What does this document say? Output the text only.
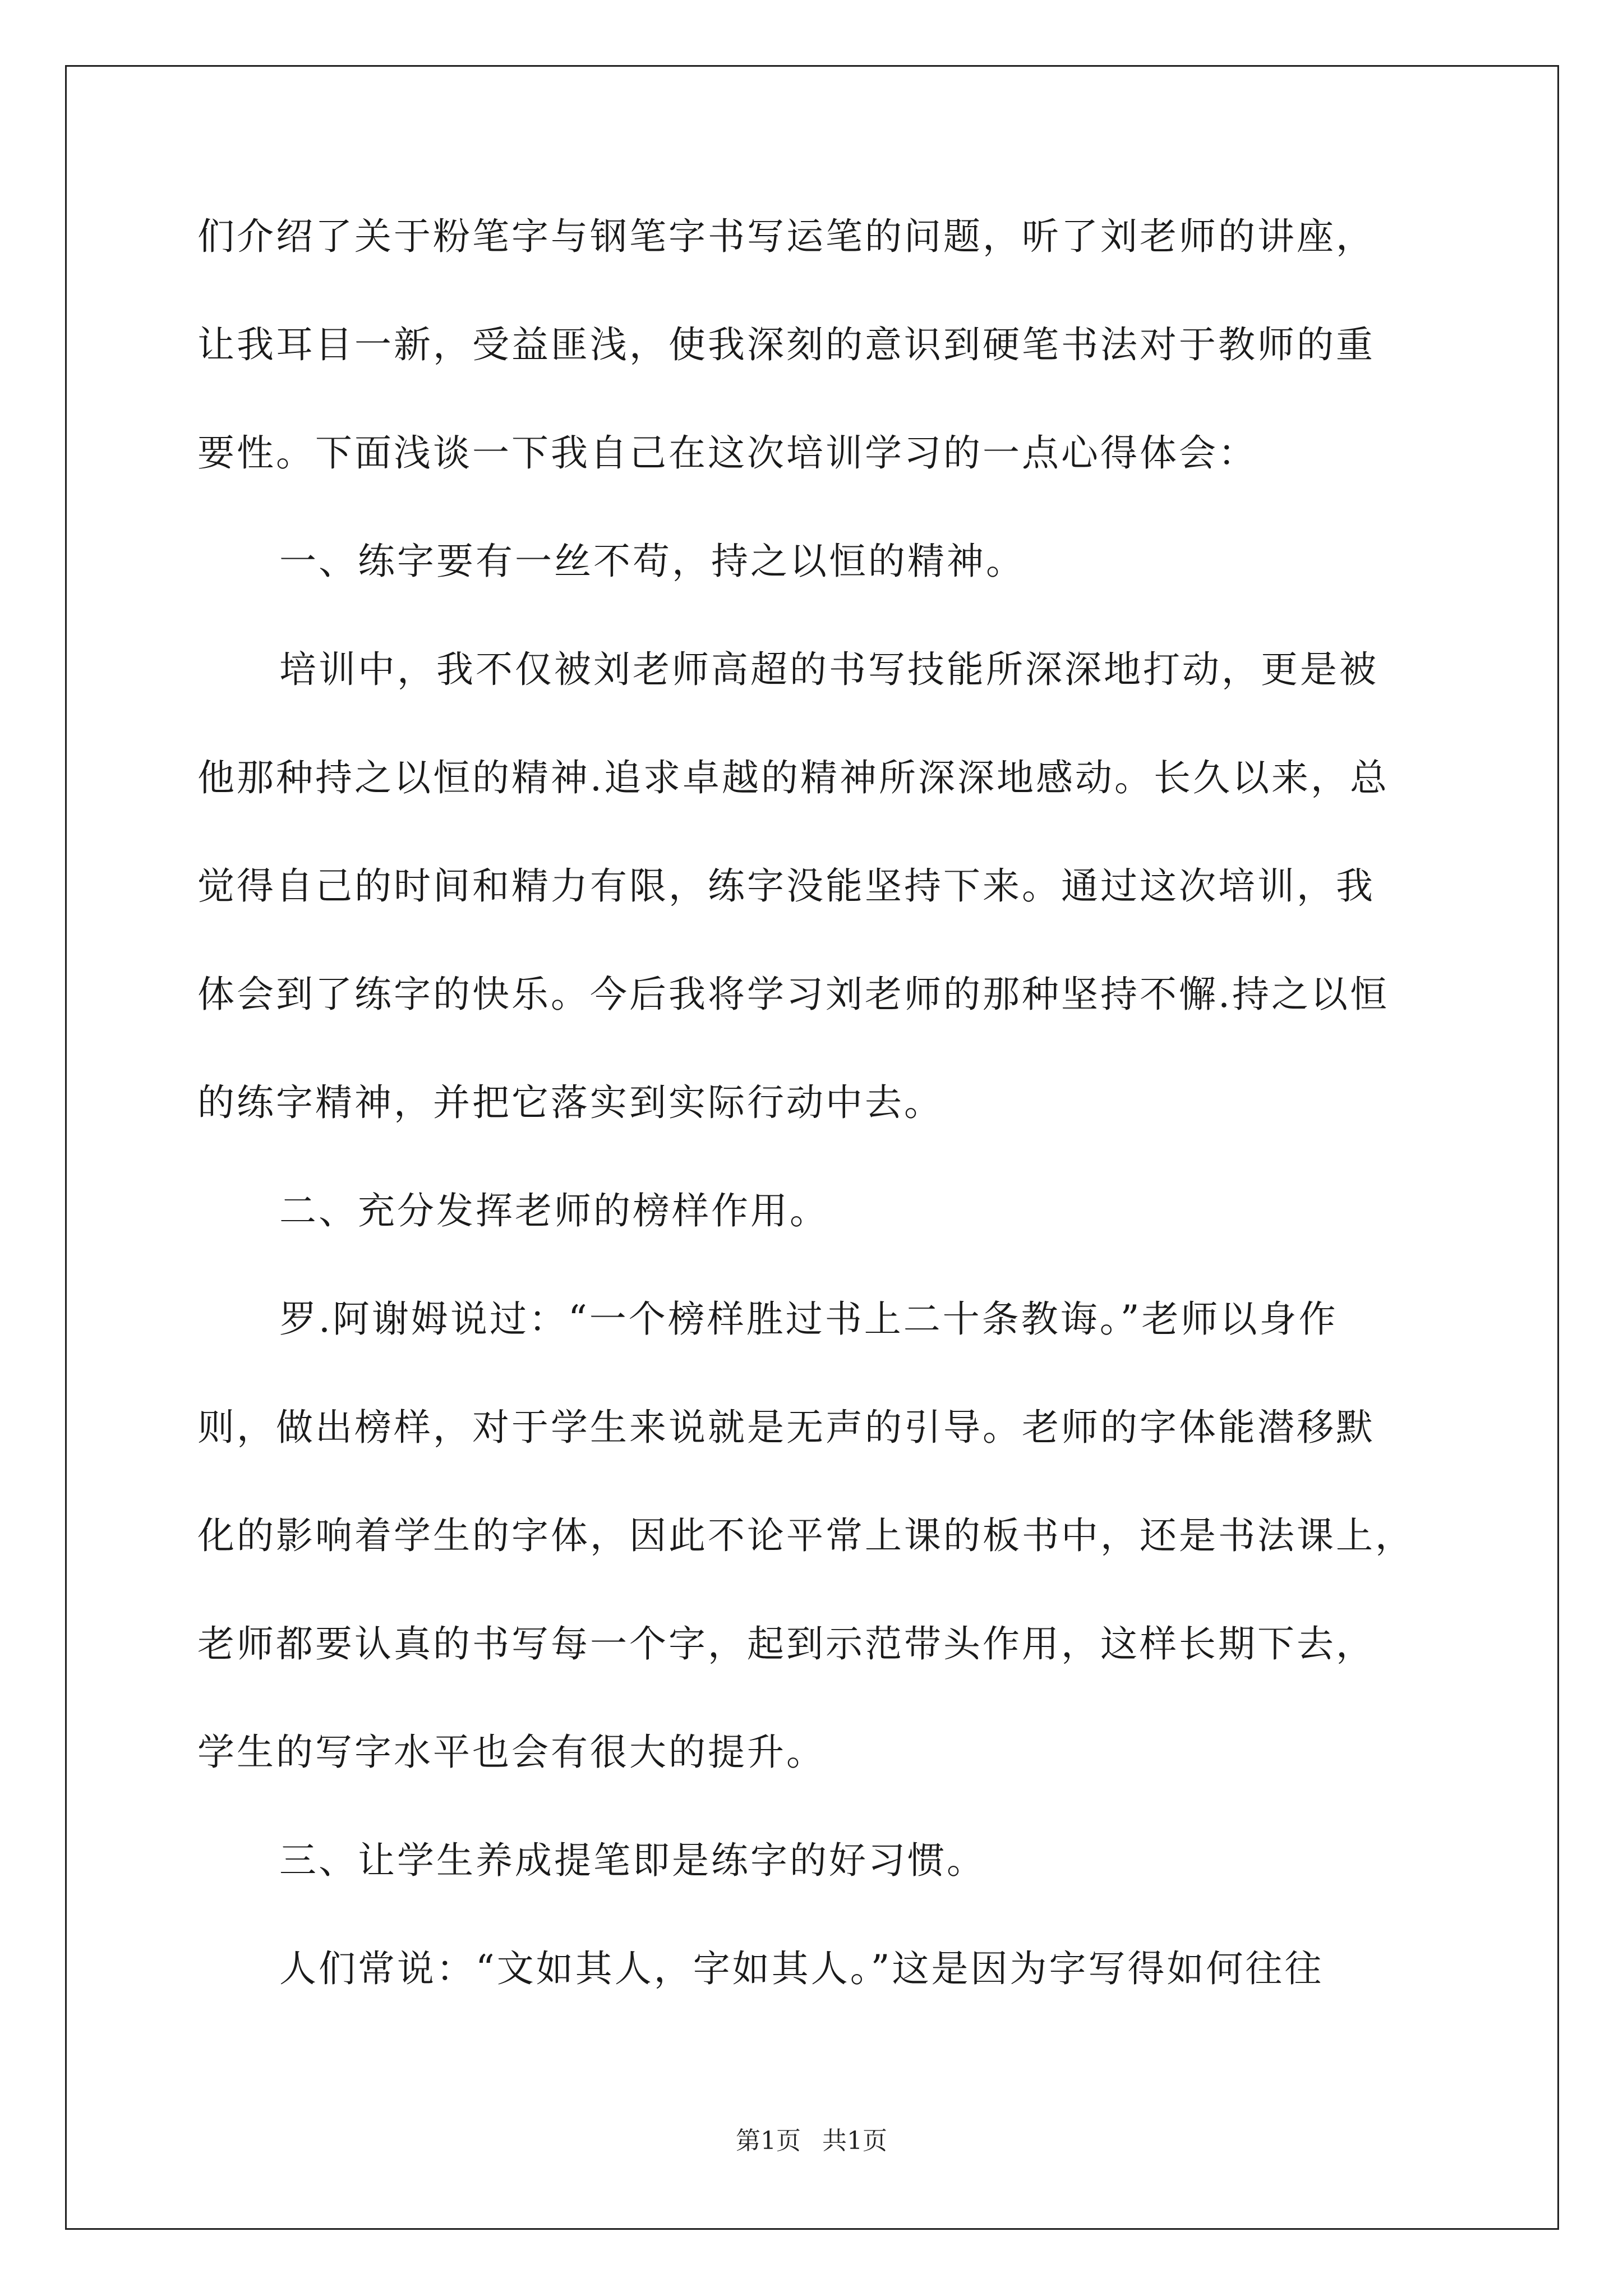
们介绍了关于粉笔字与钢笔字书写运笔的问题，听了刘老师的讲座，
让我耳目一新，受益匪浅，使我深刻的意识到硬笔书法对于教师的重
要性。下面浅谈一下我自己在这次培训学习的一点心得体会：
一、练字要有一丝不苟，持之以恒的精神。
培训中，我不仅被刘老师高超的书写技能所深深地打动，更是被
他那种持之以恒的精神.追求卓越的精神所深深地感动。长久以来，总
觉得自己的时间和精力有限，练字没能坚持下来。通过这次培训，我
体会到了练字的快乐。今后我将学习刘老师的那种坚持不懈.持之以恒
的练字精神，并把它落实到实际行动中去。
二、充分发挥老师的榜样作用。
罗.阿谢姆说过：“一个榜样胜过书上二十条教诲。”老师以身作
则，做出榜样，对于学生来说就是无声的引导。老师的字体能潜移默
化的影响着学生的字体，因此不论平常上课的板书中，还是书法课上，
老师都要认真的书写每一个字，起到示范带头作用，这样长期下去，
学生的写字水平也会有很大的提升。
三、让学生养成提笔即是练字的好习惯。
人们常说：“文如其人，字如其人。”这是因为字写得如何往往
第1页 共1页
